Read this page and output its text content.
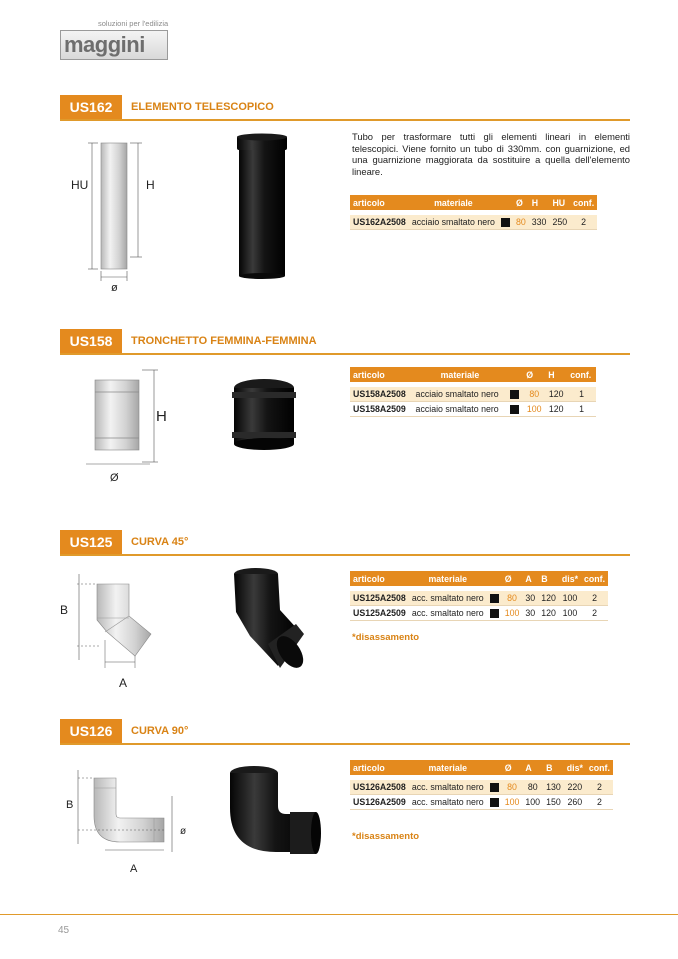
soluzioni per l'edilizia
maggini
US162	ELEMENTO TELESCOPICO
HU	H
ø
Tubo per trasformare tutti gli elementi lineari in elementi telescopici. Viene fornito un tubo di 330mm. con guarnizione, ed una guarnizione maggiorata da sostituire a quella dell'elemento lineare.
articolo	materiale		Ø	H	HU	conf.

US162A2508	acciaio smaltato nero		80	330	250	2
US158	TRONCHETTO FEMMINA-FEMMINA
H
Ø
articolo	materiale		Ø	H	conf.

US158A2508	acciaio smaltato nero		80	120	1
US158A2509	acciaio smaltato nero		100	120	1
US125	CURVA 45°
B
A
articolo	materiale		Ø	A	B	dis*	conf.

US125A2508	acc. smaltato nero		80	30	120	100	2
US125A2509	acc. smaltato nero		100	30	120	100	2
*disassamento
US126	CURVA 90°
B
A
ø
articolo	materiale		Ø	A	B	dis*	conf.

US126A2508	acc. smaltato nero		80	80	130	220	2
US126A2509	acc. smaltato nero		100	100	150	260	2
*disassamento
45
